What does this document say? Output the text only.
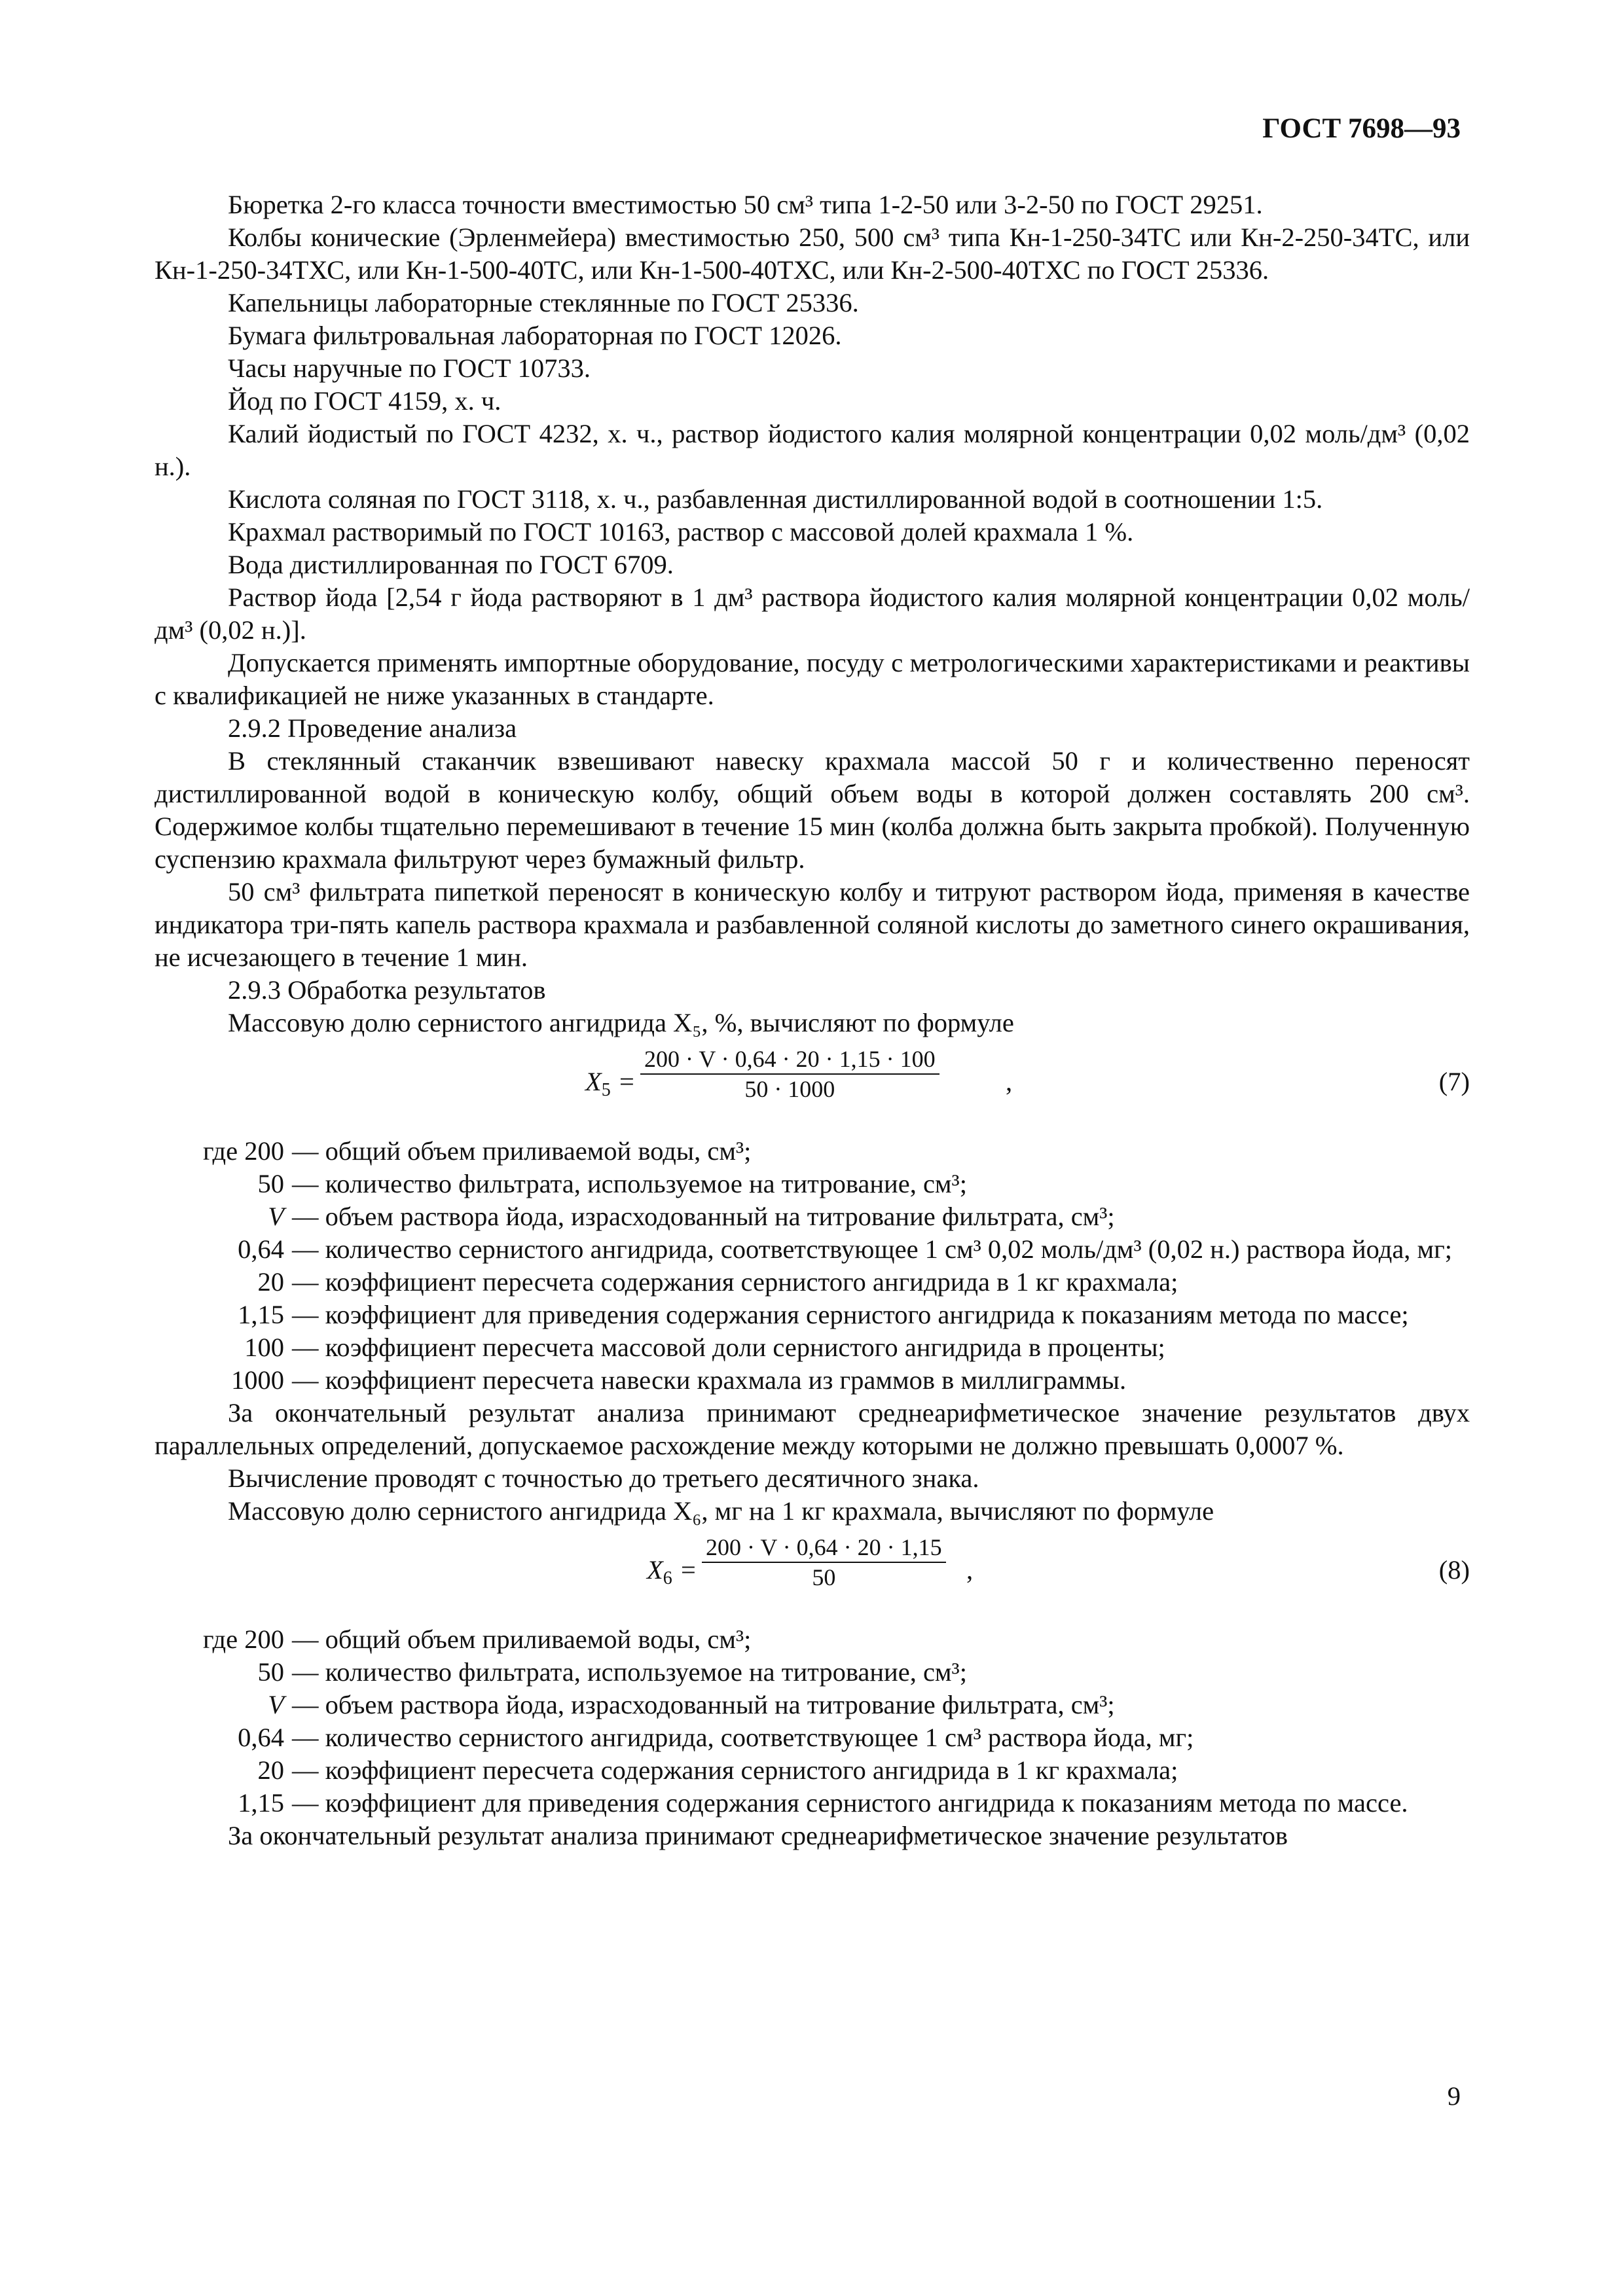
ГОСТ 7698—93

Бюретка 2-го класса точности вместимостью 50 см³ типа 1-2-50 или 3-2-50 по ГОСТ 29251.

Колбы конические (Эрленмейера) вместимостью 250, 500 см³ типа Кн-1-250-34ТС или Кн-2-250-34ТС, или Кн-1-250-34ТХС, или Кн-1-500-40ТС, или Кн-1-500-40ТХС, или Кн-2-500-40ТХС по ГОСТ 25336.

Капельницы лабораторные стеклянные по ГОСТ 25336.

Бумага фильтровальная лабораторная по ГОСТ 12026.

Часы наручные по ГОСТ 10733.

Йод по ГОСТ 4159, х. ч.

Калий йодистый по ГОСТ 4232, х. ч., раствор йодистого калия молярной концентрации 0,02 моль/дм³ (0,02 н.).

Кислота соляная по ГОСТ 3118, х. ч., разбавленная дистиллированной водой в соотношении 1:5.

Крахмал растворимый по ГОСТ 10163, раствор с массовой долей крахмала 1 %.

Вода дистиллированная по ГОСТ 6709.

Раствор йода [2,54 г йода растворяют в 1 дм³ раствора йодистого калия молярной концентрации 0,02 моль/дм³ (0,02 н.)].

Допускается применять импортные оборудование, посуду с метрологическими характеристиками и реактивы с квалификацией не ниже указанных в стандарте.

2.9.2 Проведение анализа

В стеклянный стаканчик взвешивают навеску крахмала массой 50 г и количественно переносят дистиллированной водой в коническую колбу, общий объем воды в которой должен составлять 200 см³. Содержимое колбы тщательно перемешивают в течение 15 мин (колба должна быть закрыта пробкой). Полученную суспензию крахмала фильтруют через бумажный фильтр.

50 см³ фильтрата пипеткой переносят в коническую колбу и титруют раствором йода, применяя в качестве индикатора три-пять капель раствора крахмала и разбавленной соляной кислоты до заметного синего окрашивания, не исчезающего в течение 1 мин.

2.9.3 Обработка результатов

Массовую долю сернистого ангидрида X₅, %, вычисляют по формуле

$X_5 = \frac{200 \cdot V \cdot 0,64 \cdot 20 \cdot 1,15 \cdot 100}{50 \cdot 1000}$	,	(7)
где 200 — общий объем приливаемой воды, см³;
50 — количество фильтрата, используемое на титрование, см³;
V — объем раствора йода, израсходованный на титрование фильтрата, см³;
0,64 — количество сернистого ангидрида, соответствующее 1 см³ 0,02 моль/дм³ (0,02 н.) раствора йода, мг;
20 — коэффициент пересчета содержания сернистого ангидрида в 1 кг крахмала;
1,15 — коэффициент для приведения содержания сернистого ангидрида к показаниям метода по массе;
100 — коэффициент пересчета массовой доли сернистого ангидрида в проценты;
1000 — коэффициент пересчета навески крахмала из граммов в миллиграммы.

За окончательный результат анализа принимают среднеарифметическое значение результатов двух параллельных определений, допускаемое расхождение между которыми не должно превышать 0,0007 %.

Вычисление проводят с точностью до третьего десятичного знака.

Массовую долю сернистого ангидрида X₆, мг на 1 кг крахмала, вычисляют по формуле

$X_6 = \frac{200 \cdot V \cdot 0,64 \cdot 20 \cdot 1,15}{50}$ ,	(8)
где 200 — общий объем приливаемой воды, см³;
50 — количество фильтрата, используемое на титрование, см³;
V — объем раствора йода, израсходованный на титрование фильтрата, см³;
0,64 — количество сернистого ангидрида, соответствующее 1 см³ раствора йода, мг;
20 — коэффициент пересчета содержания сернистого ангидрида в 1 кг крахмала;
1,15 — коэффициент для приведения содержания сернистого ангидрида к показаниям метода по массе.

За окончательный результат анализа принимают среднеарифметическое значение результатов

9
